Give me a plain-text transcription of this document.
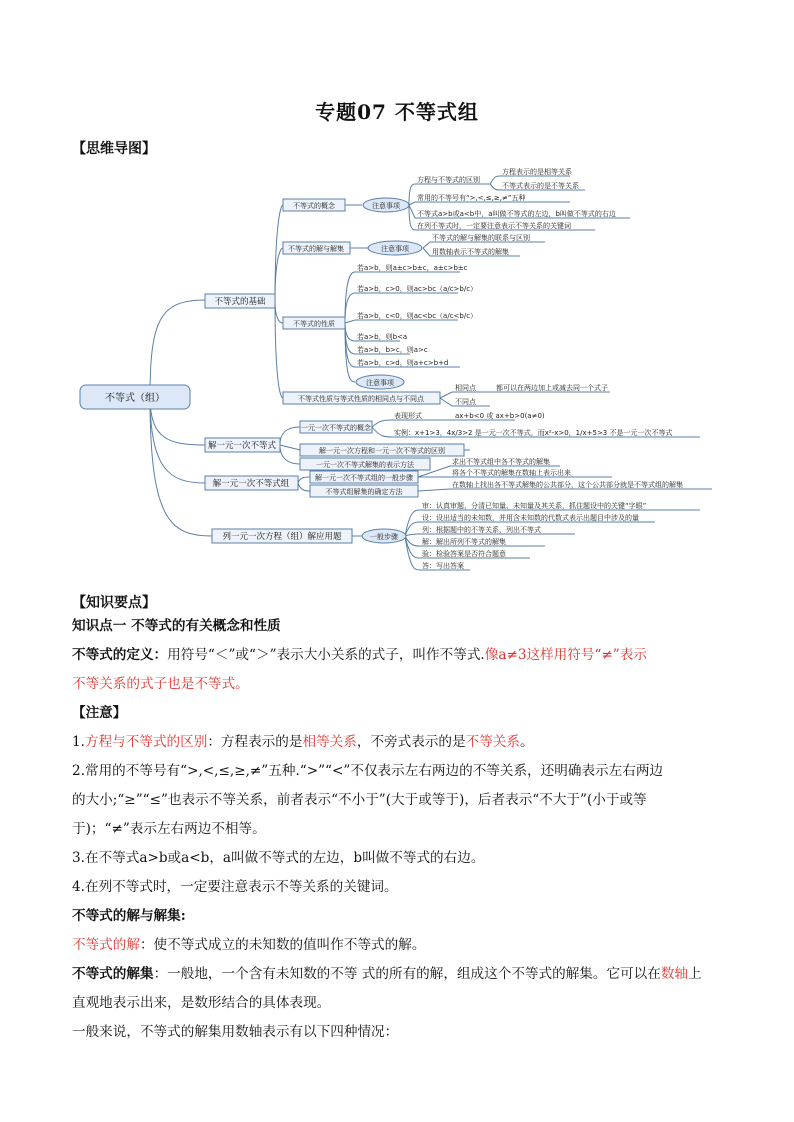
专题07 不等式组
【思维导图】
不等式（组）
不等式的基础
解一元一次不等式
解一元一次不等式组
列一元一次方程（组）解应用题
不等式的概念	注意事项
方程与不等式的区别
方程表示的是相等关系
不等式表示的是不等关系
常用的不等号有“>,<,≤,≥,≠”五种
不等式a>b或a<b中，a叫做不等式的左边，b叫做不等式的右边
在列不等式时，一定要注意表示不等关系的关键词
不等式的解与解集	注意事项
不等式的解与解集的联系与区别
用数轴表示不等式的解集
不等式的性质
若a>b，则a±c>b±c，a±c>b±c
若a>b，c>0，则ac>bc（a/c>b/c）
若a>b，c<0，则ac<bc（a/c<b/c）
若a>b，则b<a
若a>b，b>c，则a>c
若a>b，c>d，则a+c>b+d
注意事项
不等式性质与等式性质的相同点与不同点
相同点	都可以在两边加上或减去同一个式子
不同点
一元一次不等式的概念
表现形式	ax+b<0 或 ax+b>0(a≠0)
实例：x+1>3，4x/3>2 是一元一次不等式，而x²-x>0，1/x+5>3 不是一元一次不等式
解一元一次方程和一元一次不等式的区别
一元一次不等式解集的表示方法
解一元一次不等式组的一般步骤
求出不等式组中各不等式的解集
将各个不等式的解集在数轴上表示出来
不等式组解集的确定方法
在数轴上找出各不等式解集的公共部分，这个公共部分就是不等式组的解集
一般步骤
审：认真审题，分清已知量、未知量及其关系，抓住题设中的关键“字眼”
设：设出适当的未知数，并用含未知数的代数式表示出题目中涉及的量
列：根据题中的不等关系，列出不等式
解：解出所列不等式的解集
验：检验答案是否符合题意
答：写出答案
【知识要点】
知识点一 不等式的有关概念和性质
不等式的定义：用符号“＜”或“＞”表示大小关系的式子，叫作不等式.像a≠3这样用符号“≠”表示
不等关系的式子也是不等式。
【注意】
1.方程与不等式的区别：方程表示的是相等关系，不旁式表示的是不等关系。
2.常用的不等号有“>,<,≤,≥,≠”五种.“>”“<”不仅表示左右两边的不等关系，还明确表示左右两边
的大小;“≥”“≤”也表示不等关系，前者表示“不小于”(大于或等于)，后者表示“不大于”(小于或等
于)；“≠”表示左右两边不相等。
3.在不等式a>b或a<b，a叫做不等式的左边，b叫做不等式的右边。
4.在列不等式时，一定要注意表示不等关系的关键词。
不等式的解与解集:
不等式的解：使不等式成立的未知数的值叫作不等式的解。
不等式的解集：一般地，一个含有未知数的不等 式的所有的解，组成这个不等式的解集。它可以在数轴上
直观地表示出来，是数形结合的具体表现。
一般来说，不等式的解集用数轴表示有以下四种情况：
